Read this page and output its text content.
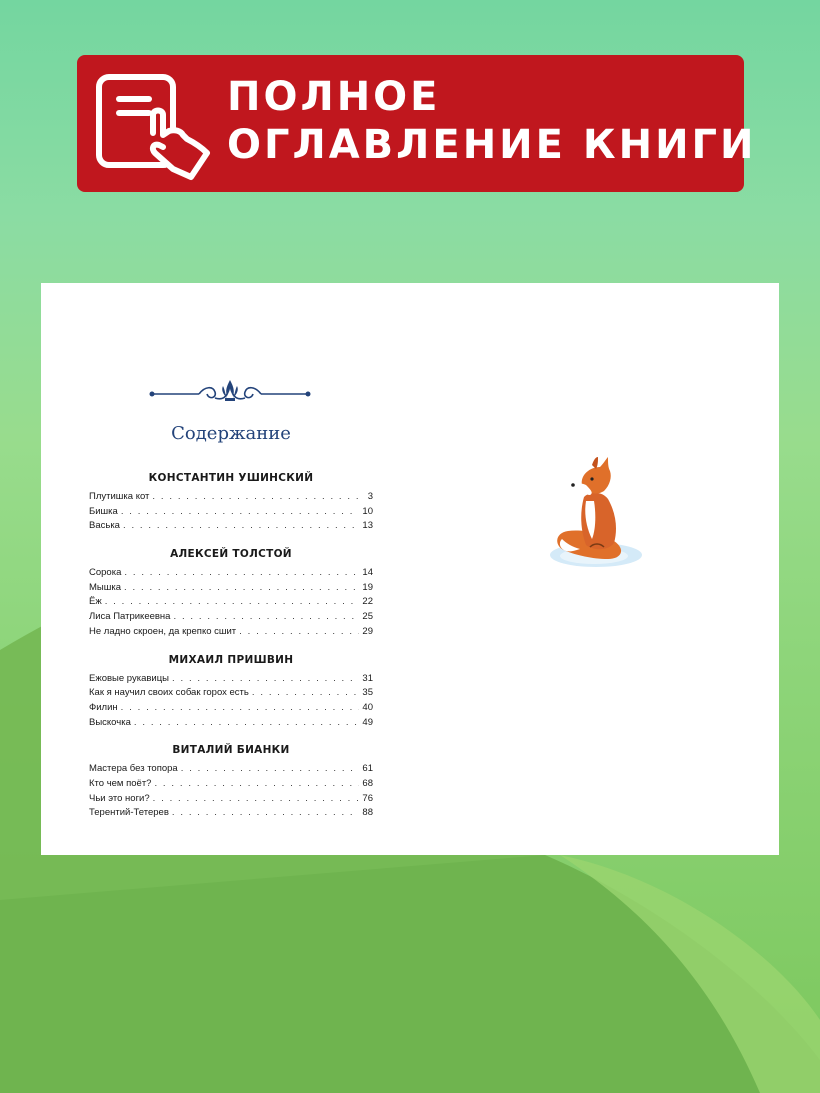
ПОЛНОЕ
ОГЛАВЛЕНИЕ КНИГИ
Содержание
КОНСТАНТИН УШИНСКИЙ
Плутишка кот . . .	3
Бишка . . .	10
Васька . . .	13
АЛЕКСЕЙ ТОЛСТОЙ
Сорока . . .	14
Мышка . . .	19
Ёж . . .	22
Лиса Патрикеевна . . .	25
Не ладно скроен, да крепко сшит . . .	29
МИХАИЛ ПРИШВИН
Ежовые рукавицы . . .	31
Как я научил своих собак горох есть . . .	35
Филин . . .	40
Выскочка . . .	49
ВИТАЛИЙ БИАНКИ
Мастера без топора . . .	61
Кто чем поёт? . . .	68
Чьи это ноги? . . .	76
Терентий-Тетерев . . .	88
